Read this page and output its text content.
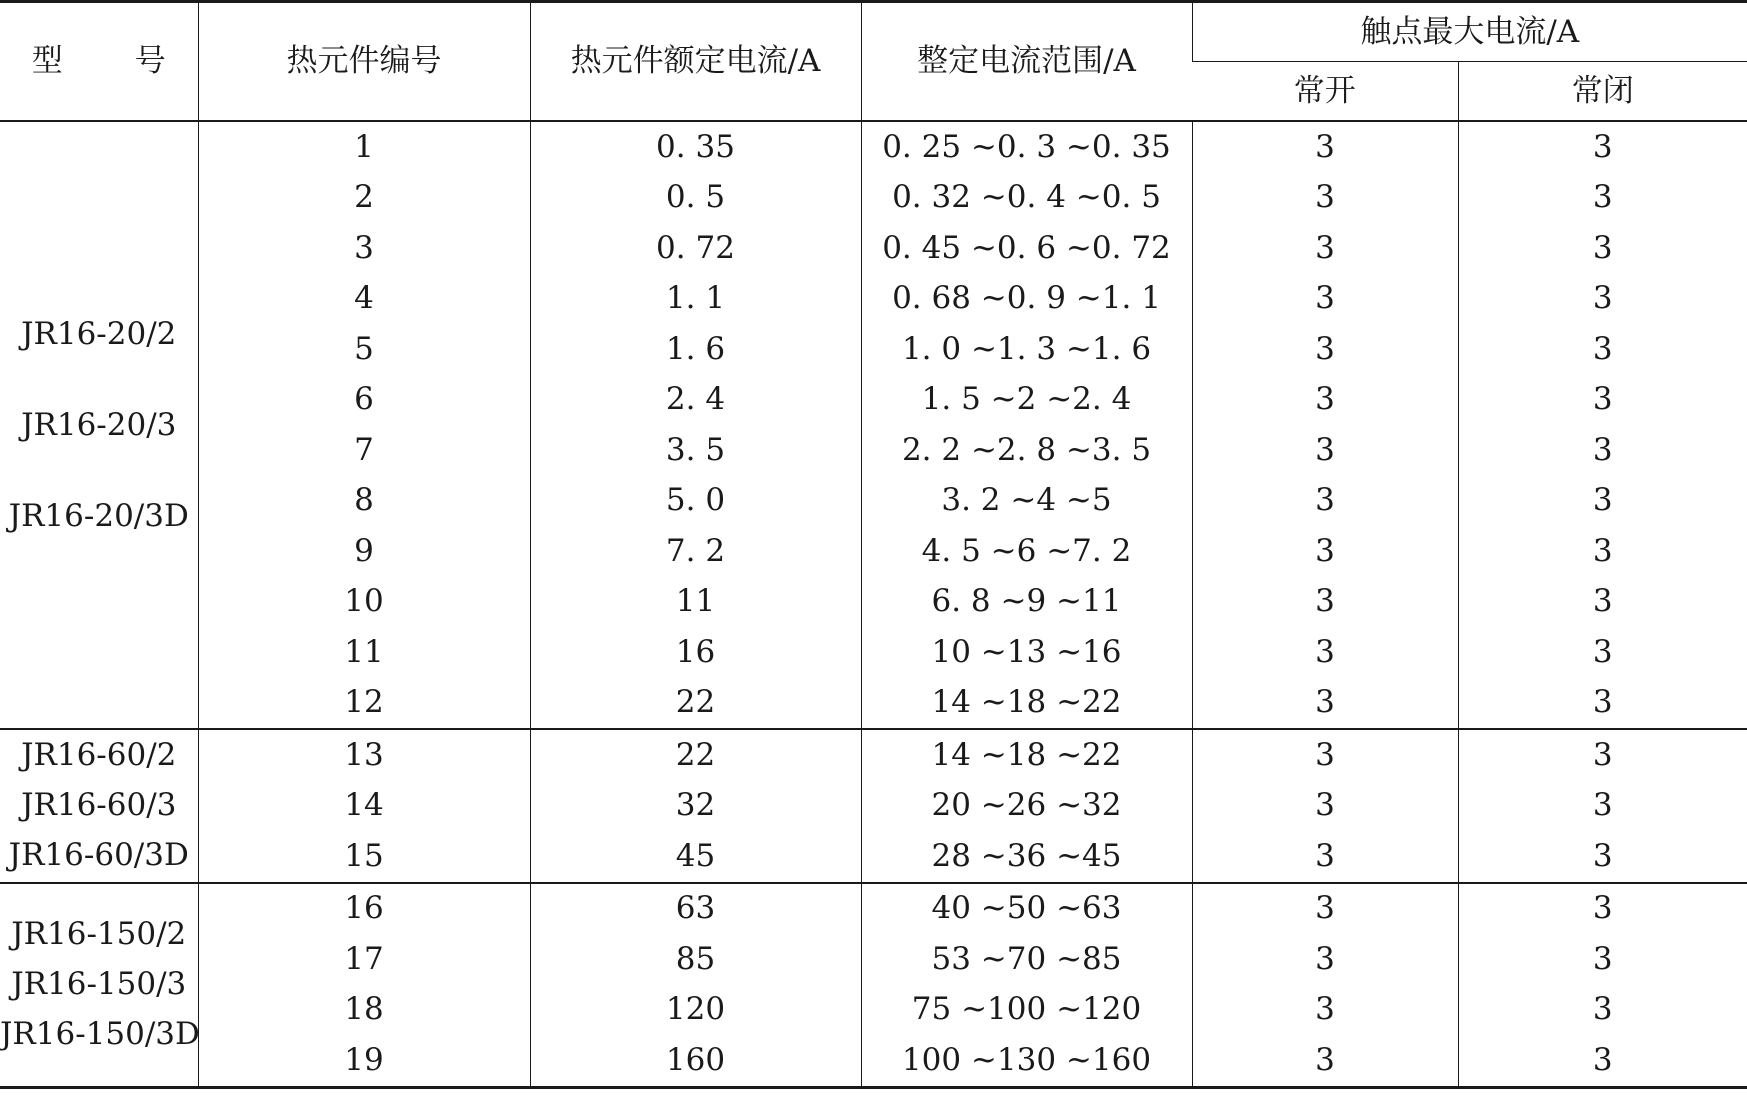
型 号	热元件编号	热元件额定电流/A	整定电流范围/A	触点最大电流/A	
				常开	常闭

JR16-20/2
JR16-20/3
JR16-20/3D	1	0. 35	0. 25 ~0. 3 ~0. 35	3	3
	2	0. 5	0. 32 ~0. 4 ~0. 5	3	3
	3	0. 72	0. 45 ~0. 6 ~0. 72	3	3
	4	1. 1	0. 68 ~0. 9 ~1. 1	3	3
	5	1. 6	1. 0 ~1. 3 ~1. 6	3	3
	6	2. 4	1. 5 ~2 ~2. 4	3	3
	7	3. 5	2. 2 ~2. 8 ~3. 5	3	3
	8	5. 0	3. 2 ~4 ~5	3	3
	9	7. 2	4. 5 ~6 ~7. 2	3	3
	10	11	6. 8 ~9 ~11	3	3
	11	16	10 ~13 ~16	3	3
	12	22	14 ~18 ~22	3	3

JR16-60/2
JR16-60/3
JR16-60/3D	13	22	14 ~18 ~22	3	3
	14	32	20 ~26 ~32	3	3
	15	45	28 ~36 ~45	3	3

JR16-150/2
JR16-150/3
JR16-150/3D	16	63	40 ~50 ~63	3	3
	17	85	53 ~70 ~85	3	3
	18	120	75 ~100 ~120	3	3
	19	160	100 ~130 ~160	3	3
